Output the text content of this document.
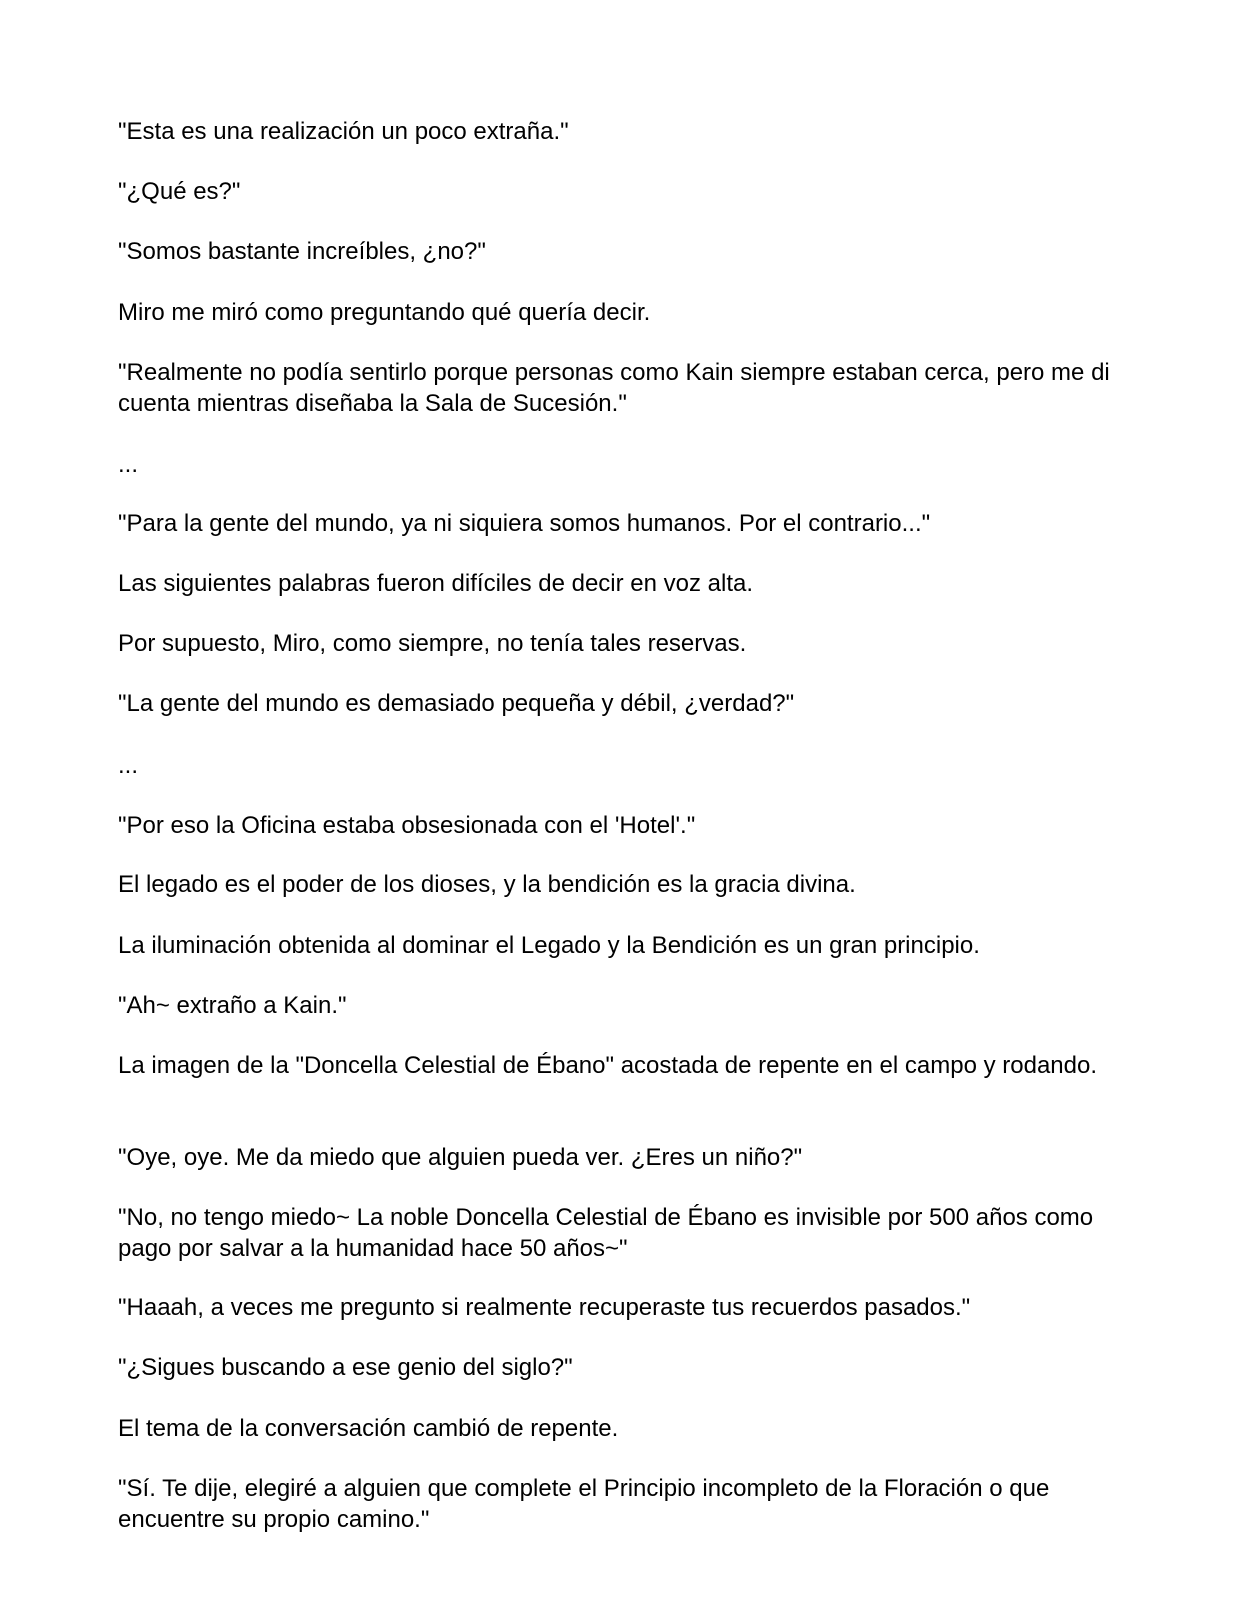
"Esta es una realización un poco extraña."

"¿Qué es?"

"Somos bastante increíbles, ¿no?"

Miro me miró como preguntando qué quería decir.

"Realmente no podía sentirlo porque personas como Kain siempre estaban cerca, pero me di cuenta mientras diseñaba la Sala de Sucesión."

...

"Para la gente del mundo, ya ni siquiera somos humanos. Por el contrario..."

Las siguientes palabras fueron difíciles de decir en voz alta.

Por supuesto, Miro, como siempre, no tenía tales reservas.

"La gente del mundo es demasiado pequeña y débil, ¿verdad?"

...

"Por eso la Oficina estaba obsesionada con el 'Hotel'."

El legado es el poder de los dioses, y la bendición es la gracia divina.

La iluminación obtenida al dominar el Legado y la Bendición es un gran principio.

"Ah~ extraño a Kain."

La imagen de la "Doncella Celestial de Ébano" acostada de repente en el campo y rodando.

"Oye, oye. Me da miedo que alguien pueda ver. ¿Eres un niño?"

"No, no tengo miedo~ La noble Doncella Celestial de Ébano es invisible por 500 años como pago por salvar a la humanidad hace 50 años~"

"Haaah, a veces me pregunto si realmente recuperaste tus recuerdos pasados."

"¿Sigues buscando a ese genio del siglo?"

El tema de la conversación cambió de repente.

"Sí. Te dije, elegiré a alguien que complete el Principio incompleto de la Floración o que encuentre su propio camino."
